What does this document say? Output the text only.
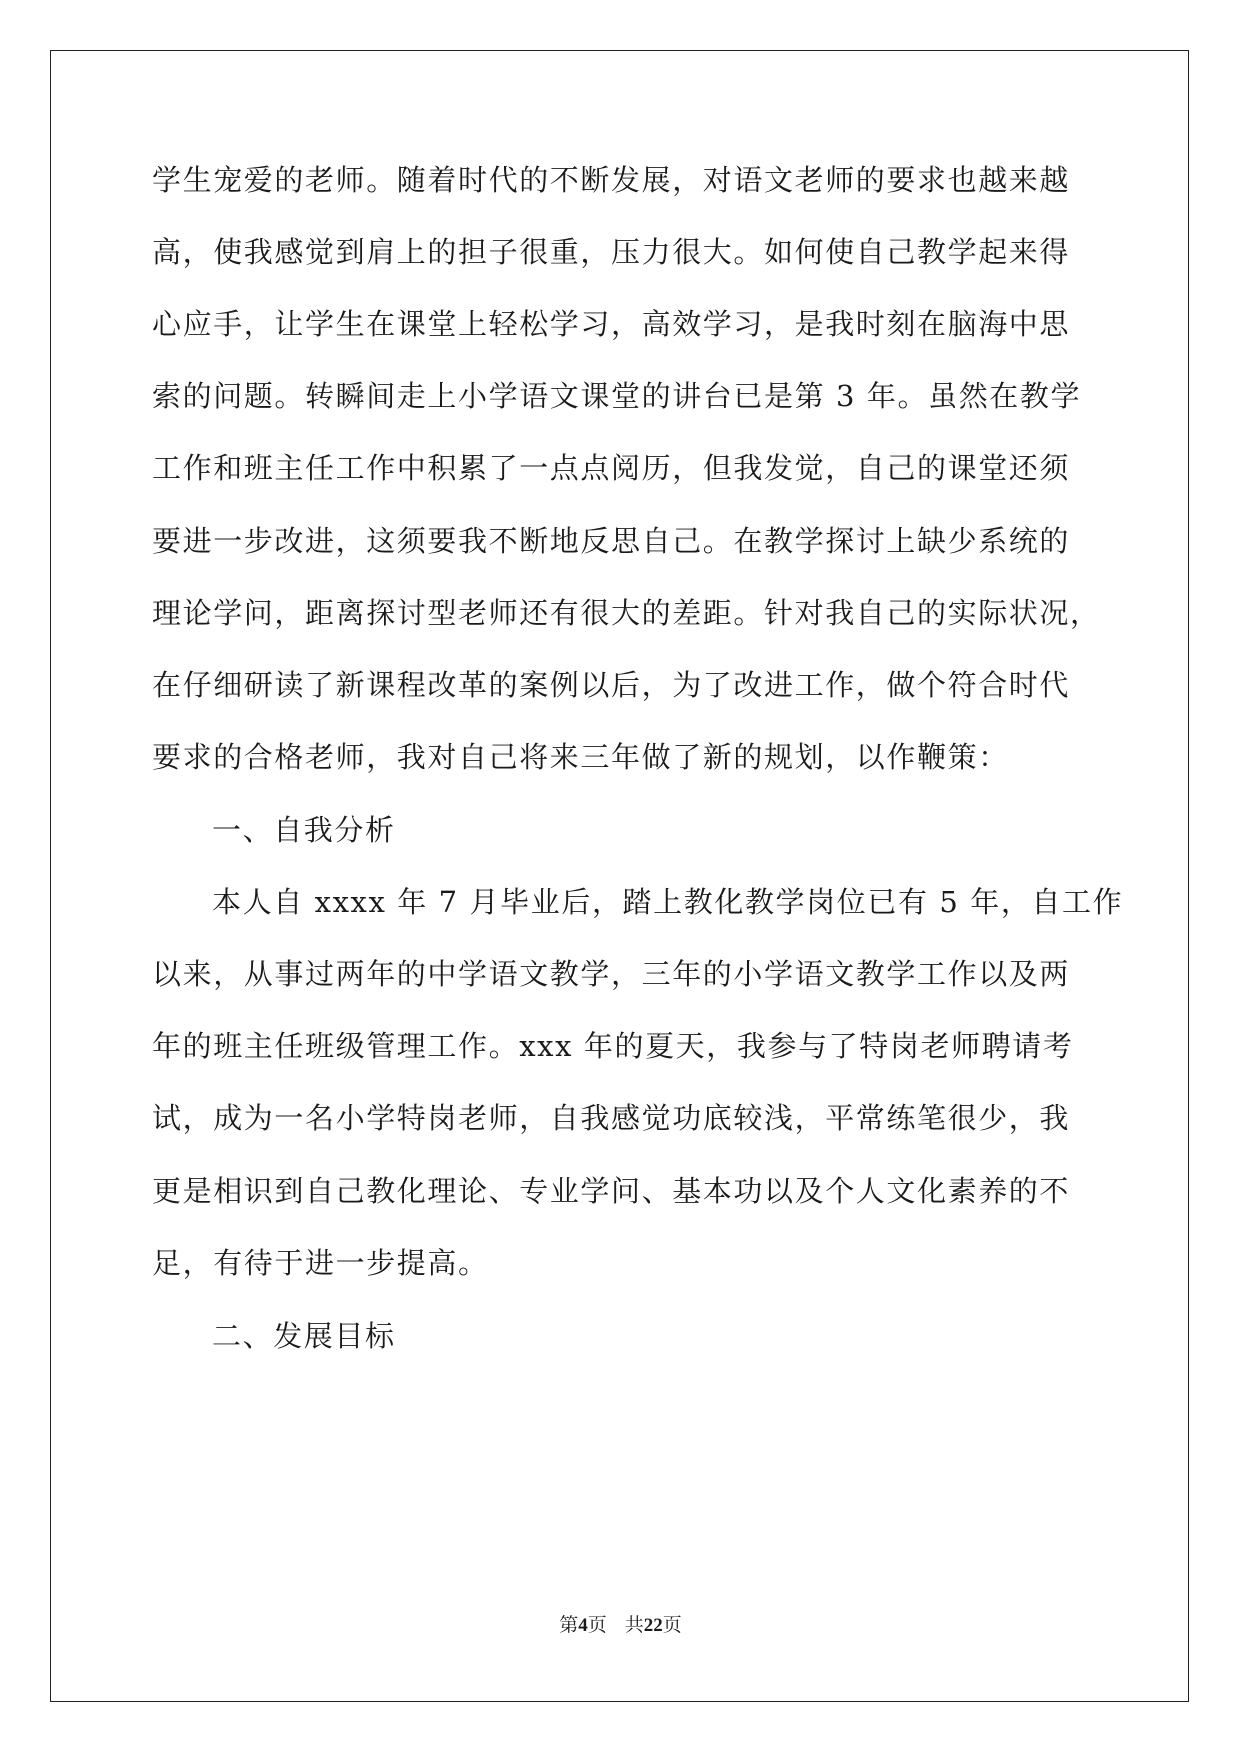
学生宠爱的老师。随着时代的不断发展，对语文老师的要求也越来越
高，使我感觉到肩上的担子很重，压力很大。如何使自己教学起来得
心应手，让学生在课堂上轻松学习，高效学习，是我时刻在脑海中思
索的问题。转瞬间走上小学语文课堂的讲台已是第 3 年。虽然在教学
工作和班主任工作中积累了一点点阅历，但我发觉，自己的课堂还须
要进一步改进，这须要我不断地反思自己。在教学探讨上缺少系统的
理论学问，距离探讨型老师还有很大的差距。针对我自己的实际状况，
在仔细研读了新课程改革的案例以后，为了改进工作，做个符合时代
要求的合格老师，我对自己将来三年做了新的规划，以作鞭策：
一、自我分析
本人自 xxxx 年 7 月毕业后，踏上教化教学岗位已有 5 年，自工作
以来，从事过两年的中学语文教学，三年的小学语文教学工作以及两
年的班主任班级管理工作。xxx 年的夏天，我参与了特岗老师聘请考
试，成为一名小学特岗老师，自我感觉功底较浅，平常练笔很少，我
更是相识到自己教化理论、专业学问、基本功以及个人文化素养的不
足，有待于进一步提高。
二、发展目标
第4页 共22页
